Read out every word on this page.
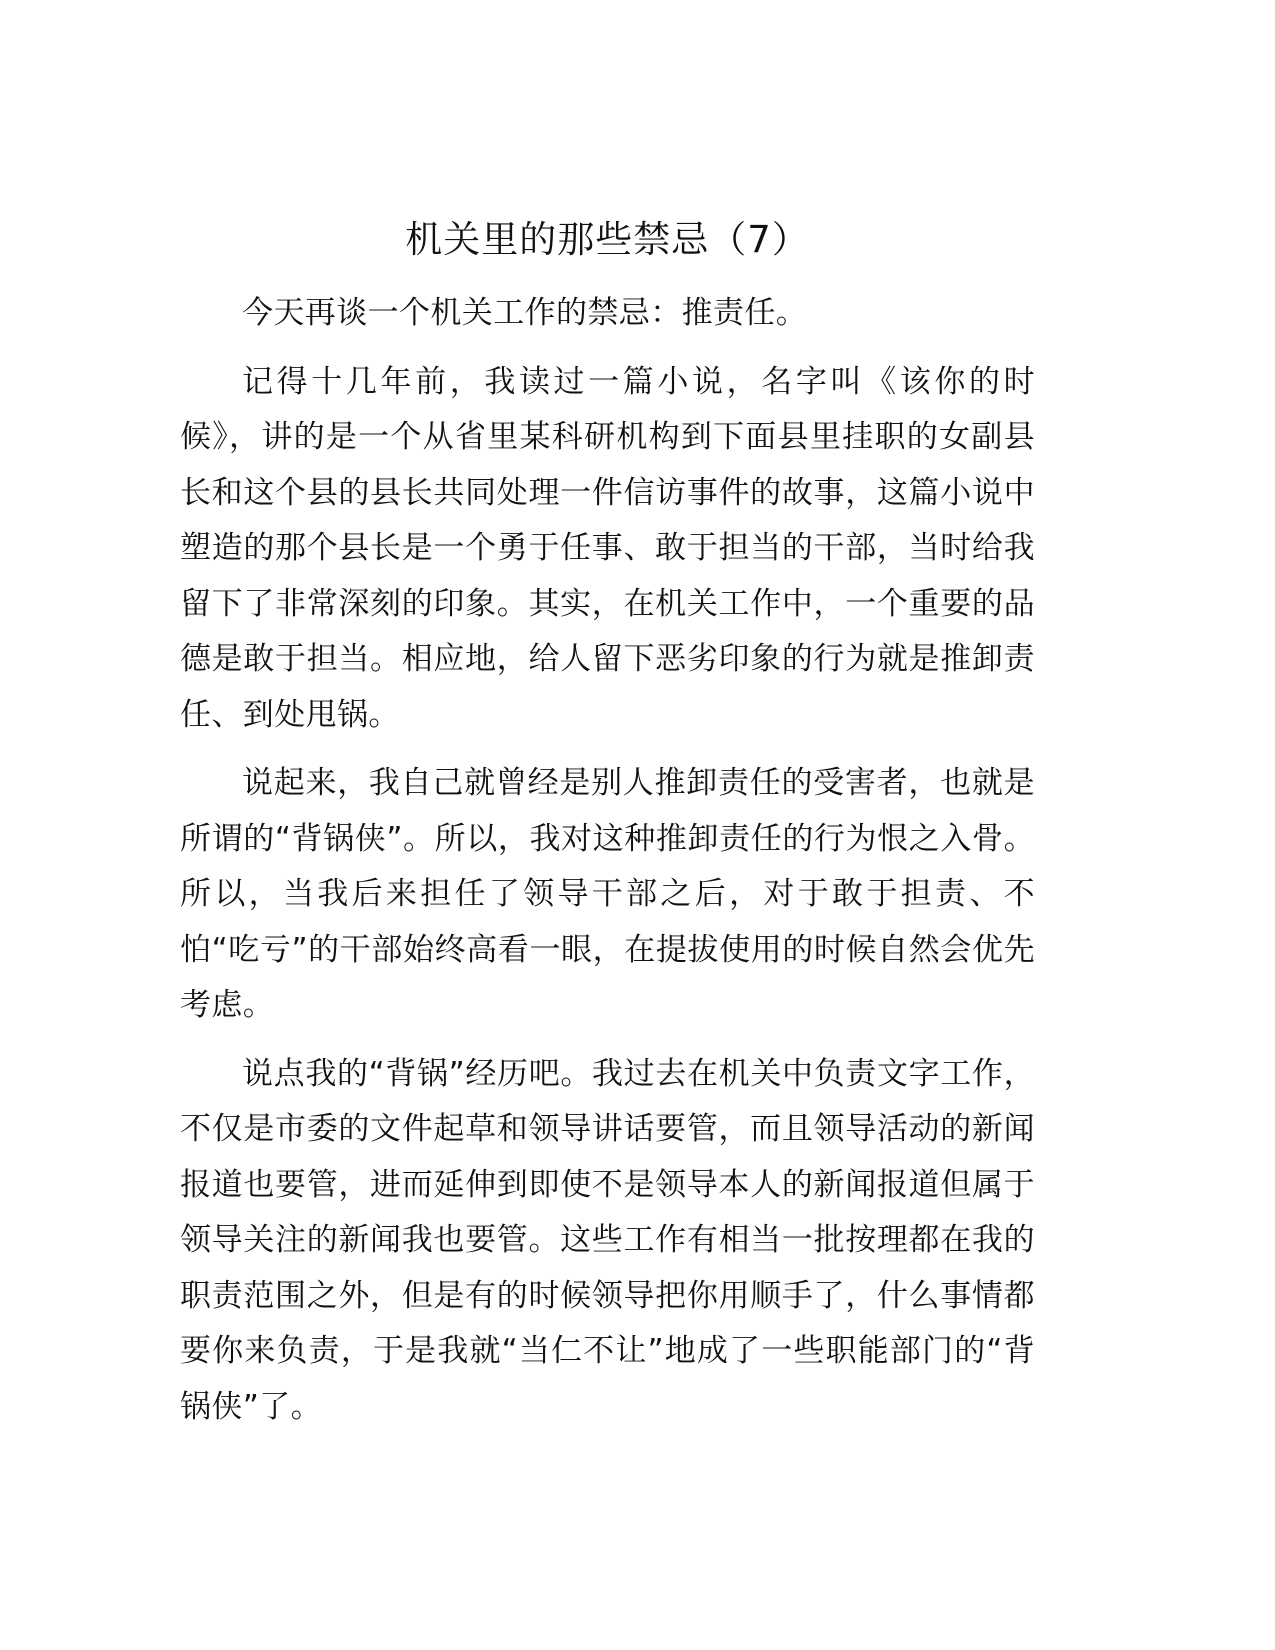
机关里的那些禁忌（7）

今天再谈一个机关工作的禁忌：推责任。

记得十几年前，我读过一篇小说，名字叫《该你的时候》，讲的是一个从省里某科研机构到下面县里挂职的女副县长和这个县的县长共同处理一件信访事件的故事，这篇小说中塑造的那个县长是一个勇于任事、敢于担当的干部，当时给我留下了非常深刻的印象。其实，在机关工作中，一个重要的品德是敢于担当。相应地，给人留下恶劣印象的行为就是推卸责任、到处甩锅。

说起来，我自己就曾经是别人推卸责任的受害者，也就是所谓的“背锅侠”。所以，我对这种推卸责任的行为恨之入骨。所以，当我后来担任了领导干部之后，对于敢于担责、不怕“吃亏”的干部始终高看一眼，在提拔使用的时候自然会优先考虑。

说点我的“背锅”经历吧。我过去在机关中负责文字工作，不仅是市委的文件起草和领导讲话要管，而且领导活动的新闻报道也要管，进而延伸到即使不是领导本人的新闻报道但属于领导关注的新闻我也要管。这些工作有相当一批按理都在我的职责范围之外，但是有的时候领导把你用顺手了，什么事情都要你来负责，于是我就“当仁不让”地成了一些职能部门的“背锅侠”了。
